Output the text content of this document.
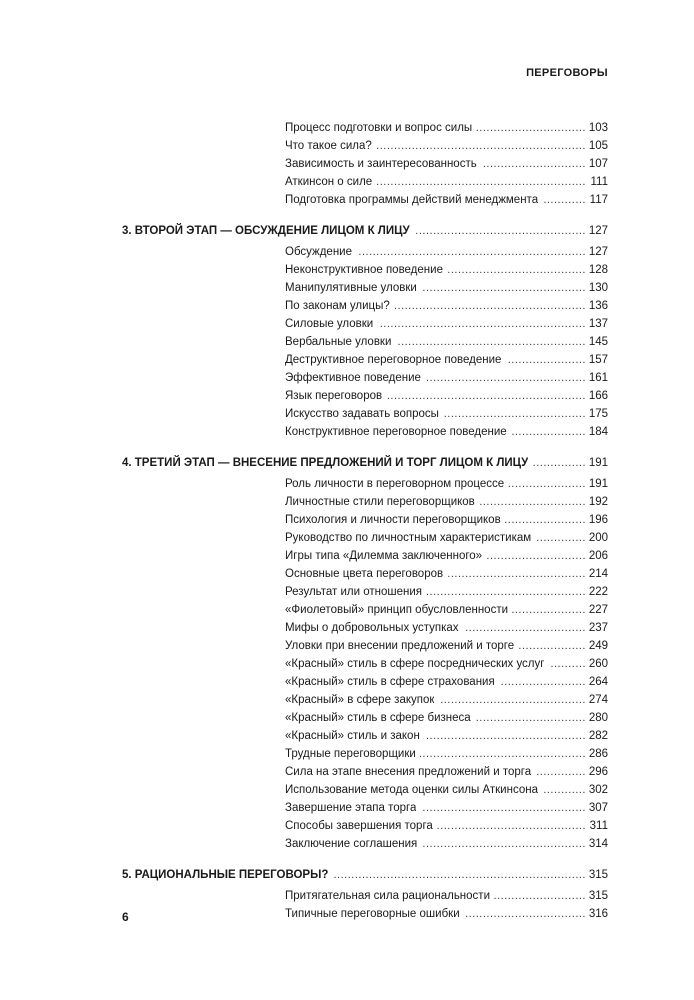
ПЕРЕГОВОРЫ
Процесс подготовки и вопрос силы ............................... 103
Что такое сила? ........................................................... 105
Зависимость и заинтересованность ............................. 107
Аткинсон о силе ........................................................... 111
Подготовка программы действий менеджмента ............ 117
3. ВТОРОЙ ЭТАП — ОБСУЖДЕНИЕ ЛИЦОМ К ЛИЦУ ................................................ 127
Обсуждение ................................................................ 127
Неконструктивное поведение ....................................... 128
Манипулятивные уловки .............................................. 130
По законам улицы? ...................................................... 136
Силовые уловки .......................................................... 137
Вербальные уловки ..................................................... 145
Деструктивное переговорное поведение ...................... 157
Эффективное поведение ............................................. 161
Язык переговоров ........................................................ 166
Искусство задавать вопросы ........................................ 175
Конструктивное переговорное поведение ..................... 184
4. ТРЕТИЙ ЭТАП — ВНЕСЕНИЕ ПРЕДЛОЖЕНИЙ И ТОРГ ЛИЦОМ К ЛИЦУ ............... 191
Роль личности в переговорном процессе ...................... 191
Личностные стили переговорщиков .............................. 192
Психология и личности переговорщиков ....................... 196
Руководство по личностным характеристикам .............. 200
Игры типа «Дилемма заключенного» ............................ 206
Основные цвета переговоров ....................................... 214
Результат или отношения ............................................. 222
«Фиолетовый» принцип обусловленности ..................... 227
Мифы о добровольных уступках .................................. 237
Уловки при внесении предложений и торге ................... 249
«Красный» стиль в сфере посреднических услуг .......... 260
«Красный» стиль в сфере страхования ........................ 264
«Красный» в сфере закупок ......................................... 274
«Красный» стиль в сфере бизнеса ............................... 280
«Красный» стиль и закон ............................................. 282
Трудные переговорщики ............................................... 286
Сила на этапе внесения предложений и торга .............. 296
Использование метода оценки силы Аткинсона ............ 302
Завершение этапа торга .............................................. 307
Способы завершения торга .......................................... 311
Заключение соглашения .............................................. 314
5. РАЦИОНАЛЬНЫЕ ПЕРЕГОВОРЫ? ....................................................................... 315
Притягательная сила рациональности .......................... 315
Типичные переговорные ошибки .................................. 316
6
